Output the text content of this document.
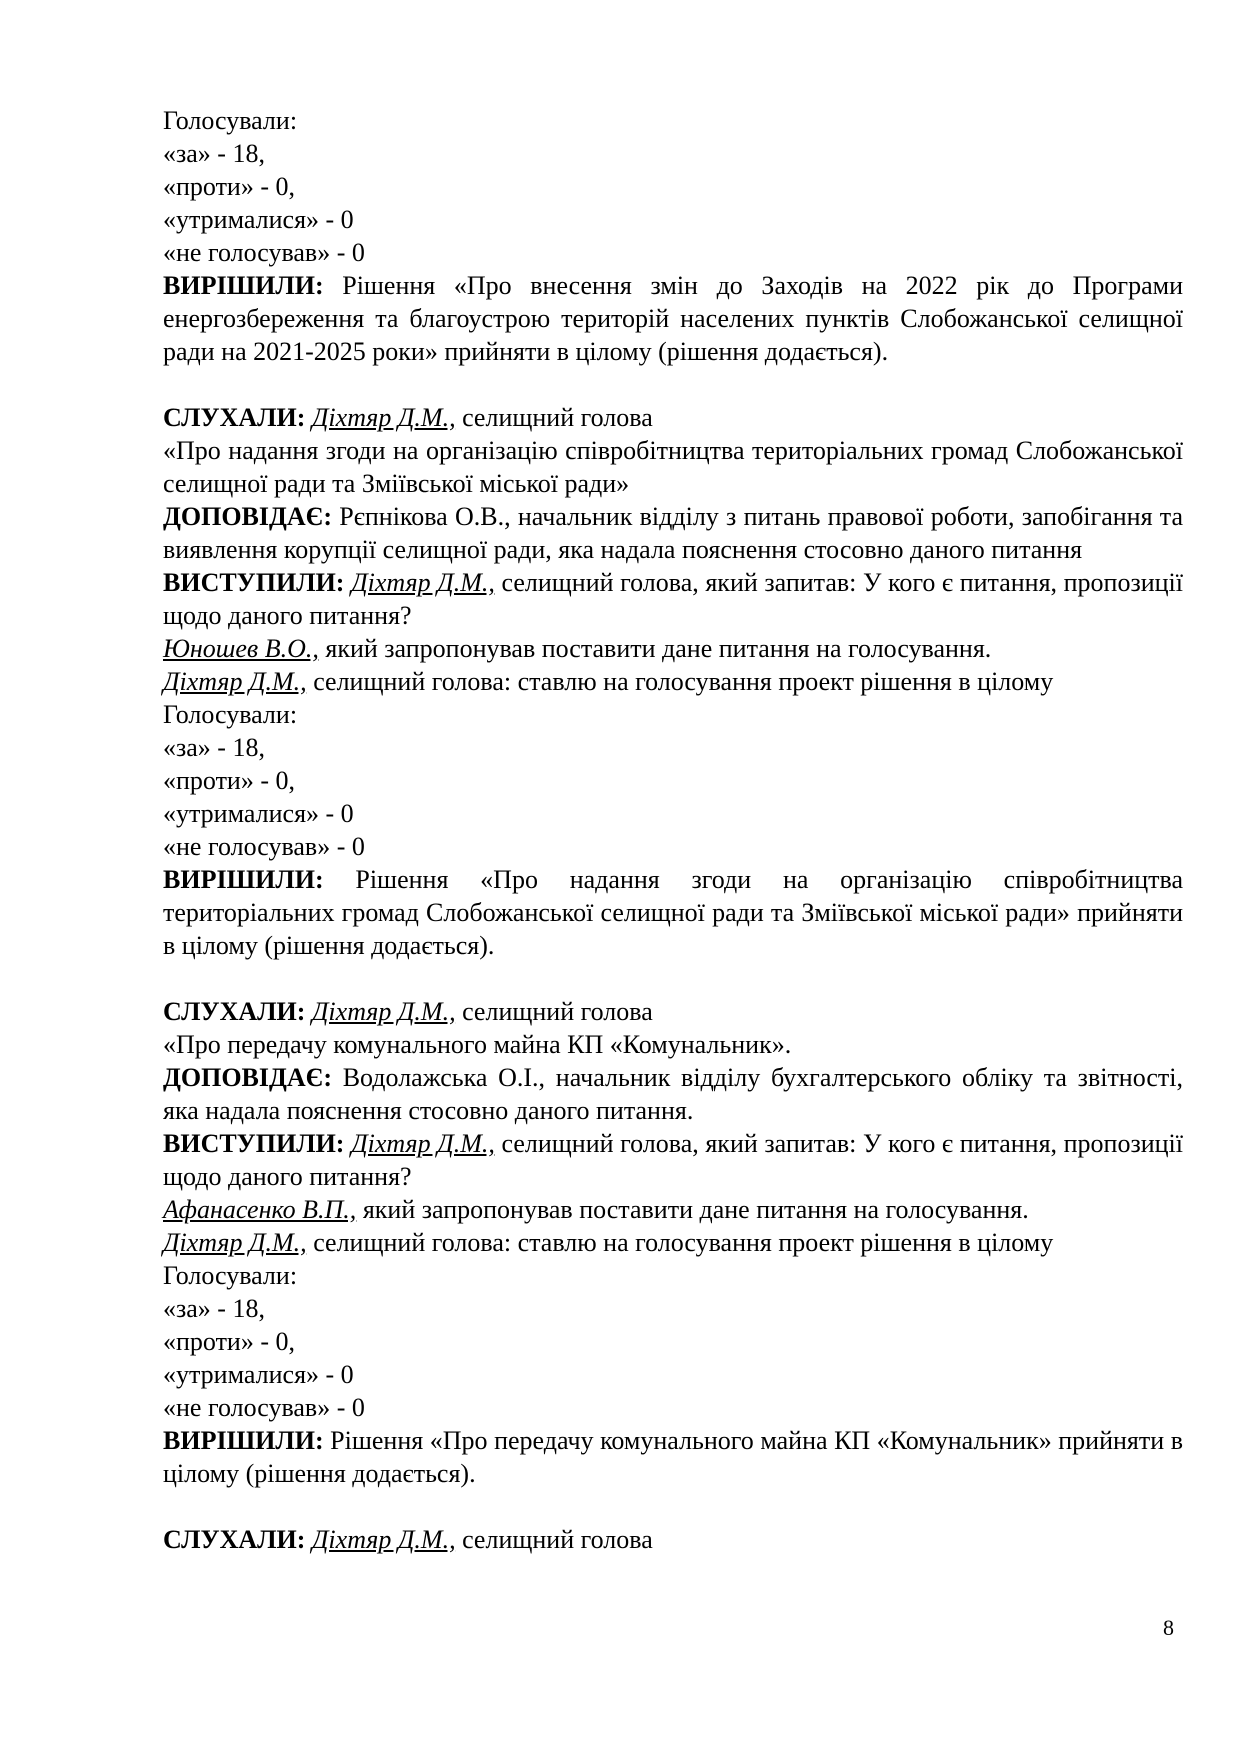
Голосували:
«за» - 18,
«проти» - 0,
«утрималися» - 0
«не голосував» - 0
ВИРІШИЛИ: Рішення «Про внесення змін до Заходів на 2022 рік до Програми енергозбереження та благоустрою територій населених пунктів Слобожанської селищної ради на 2021-2025 роки» прийняти в цілому (рішення додається).
СЛУХАЛИ: Діхтяр Д.М., селищний голова
«Про надання згоди на організацію співробітництва територіальних громад Слобожанської селищної ради та Зміївської міської ради»
ДОПОВІДАЄ: Рєпнікова О.В., начальник відділу з питань правової роботи, запобігання та виявлення корупції селищної ради, яка надала пояснення стосовно даного питання
ВИСТУПИЛИ: Діхтяр Д.М., селищний голова, який запитав: У кого є питання, пропозиції щодо даного питання?
Юношев В.О., який запропонував поставити дане питання на голосування.
Діхтяр Д.М., селищний голова: ставлю на голосування проект рішення в цілому
Голосували:
«за» - 18,
«проти» - 0,
«утрималися» - 0
«не голосував» - 0
ВИРІШИЛИ: Рішення «Про надання згоди на організацію співробітництва територіальних громад Слобожанської селищної ради та Зміївської міської ради» прийняти в цілому (рішення додається).
СЛУХАЛИ: Діхтяр Д.М., селищний голова
«Про передачу комунального майна КП «Комунальник».
ДОПОВІДАЄ: Водолажська О.І., начальник відділу бухгалтерського обліку та звітності, яка надала пояснення стосовно даного питання.
ВИСТУПИЛИ: Діхтяр Д.М., селищний голова, який запитав: У кого є питання, пропозиції щодо даного питання?
Афанасенко В.П., який запропонував поставити дане питання на голосування.
Діхтяр Д.М., селищний голова: ставлю на голосування проект рішення в цілому
Голосували:
«за» - 18,
«проти» - 0,
«утрималися» - 0
«не голосував» - 0
ВИРІШИЛИ: Рішення «Про передачу комунального майна КП «Комунальник» прийняти в цілому (рішення додається).
СЛУХАЛИ: Діхтяр Д.М., селищний голова
8
